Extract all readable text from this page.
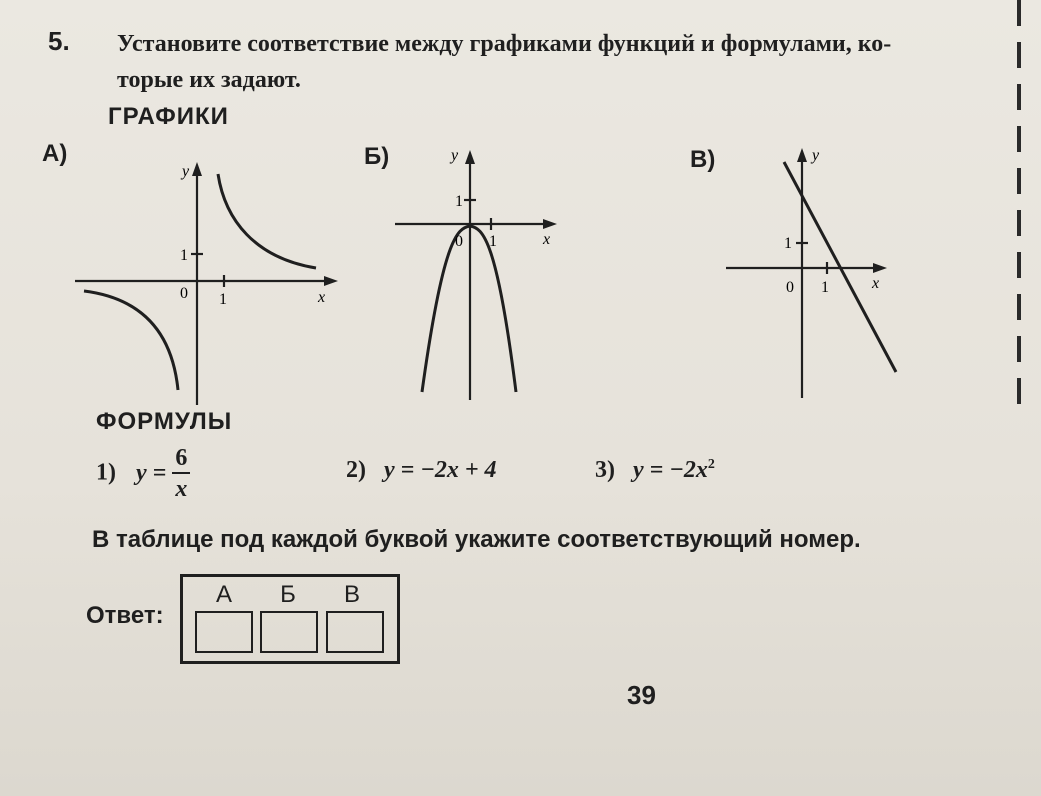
5. Установите соответствие между графиками функций и формулами, ко-
торые их задают.
ГРАФИКИ
А)	Б)	В)
y
x
0
1
1
y
x
0
1
1
y
x
0
1
1
ФОРМУЛЫ
1) $y = \frac{6}{x}$	2) y = −2x + 4	3) $y = -2x^2$
В таблице под каждой буквой укажите соответствующий номер.
Ответ:
А	Б	В
39
